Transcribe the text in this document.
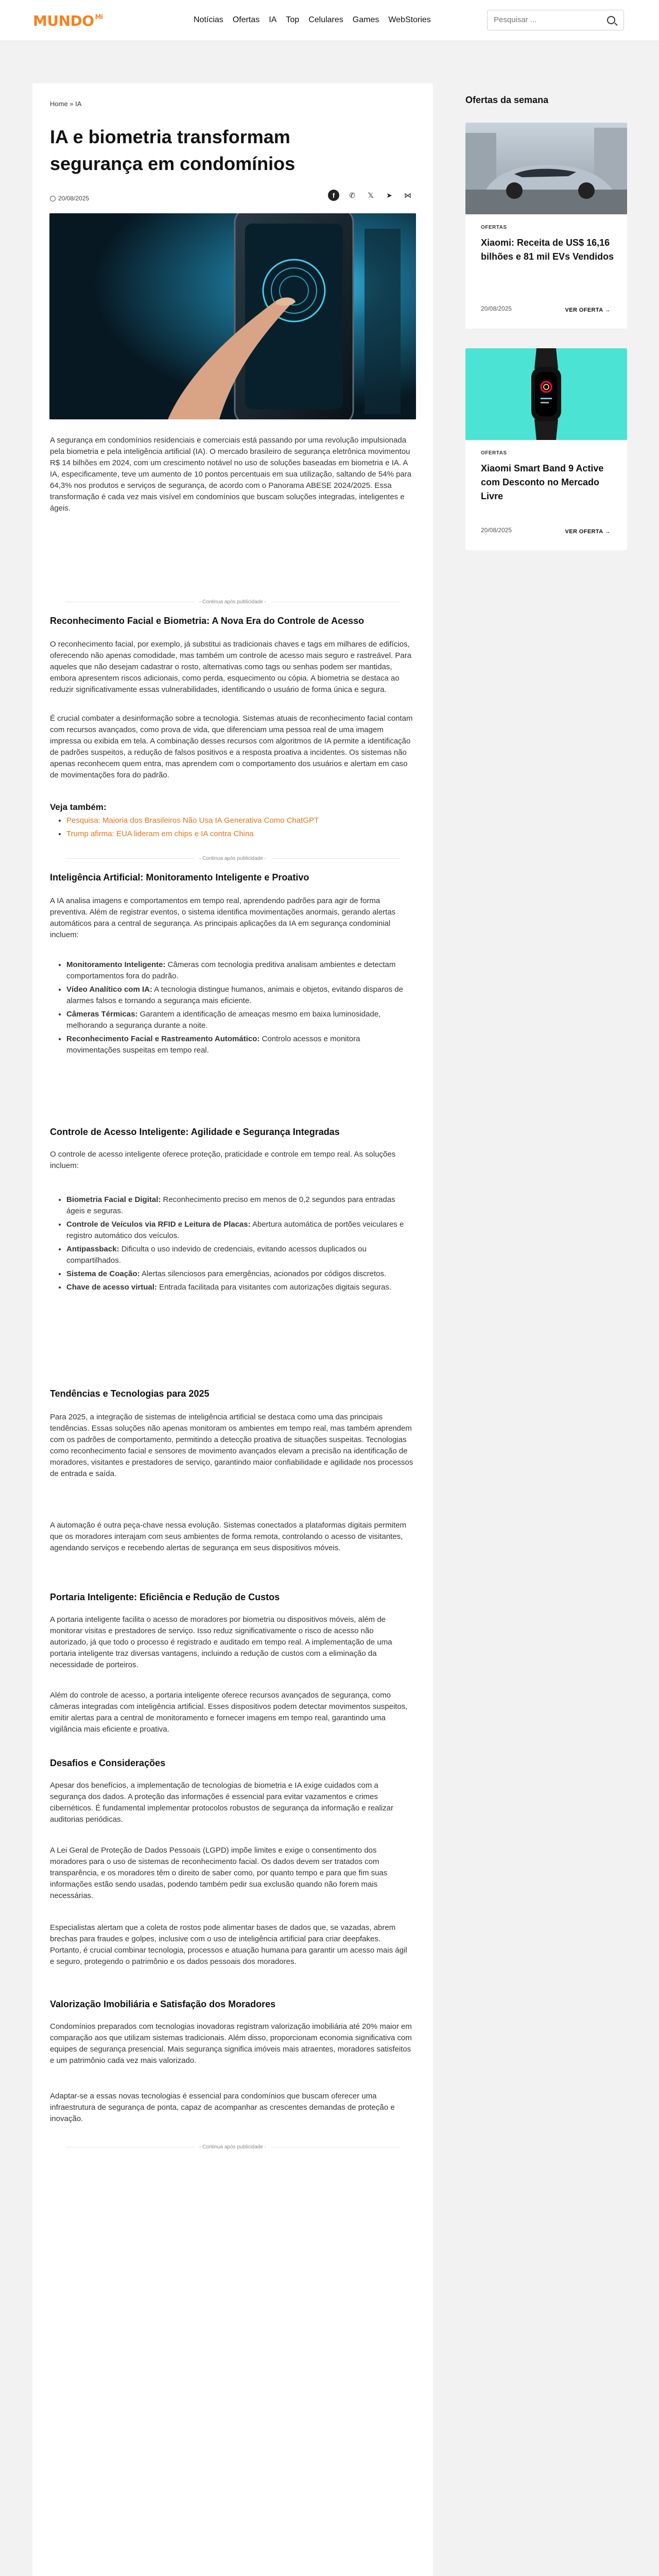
MUNDO $^{Mi}$	Notícias Ofertas IA Top Celulares Games WebStories
Pesquisar ...
Home » IA
IA e biometria transformam segurança em condomínios
20/08/2025	f	✆	𝕏	➤	⋈

A segurança em condomínios residenciais e comerciais está passando por uma revolução impulsionada pela biometria e pela inteligência artificial (IA). O mercado brasileiro de segurança eletrônica movimentou R$ 14 bilhões em 2024, com um crescimento notável no uso de soluções baseadas em biometria e IA. A IA, especificamente, teve um aumento de 10 pontos percentuais em sua utilização, saltando de 54% para 64,3% nos produtos e serviços de segurança, de acordo com o Panorama ABESE 2024/2025. Essa transformação é cada vez mais visível em condomínios que buscam soluções integradas, inteligentes e ágeis.

- Continua após publicidade -
Reconhecimento Facial e Biometria: A Nova Era do Controle de Acesso

O reconhecimento facial, por exemplo, já substitui as tradicionais chaves e tags em milhares de edifícios, oferecendo não apenas comodidade, mas também um controle de acesso mais seguro e rastreável. Para aqueles que não desejam cadastrar o rosto, alternativas como tags ou senhas podem ser mantidas, embora apresentem riscos adicionais, como perda, esquecimento ou cópia. A biometria se destaca ao reduzir significativamente essas vulnerabilidades, identificando o usuário de forma única e segura.

É crucial combater a desinformação sobre a tecnologia. Sistemas atuais de reconhecimento facial contam com recursos avançados, como prova de vida, que diferenciam uma pessoa real de uma imagem impressa ou exibida em tela. A combinação desses recursos com algoritmos de IA permite a identificação de padrões suspeitos, a redução de falsos positivos e a resposta proativa a incidentes. Os sistemas não apenas reconhecem quem entra, mas aprendem com o comportamento dos usuários e alertam em caso de movimentações fora do padrão.

Veja também:
• Pesquisa: Maioria dos Brasileiros Não Usa IA Generativa Como ChatGPT
• Trump afirma: EUA lideram em chips e IA contra China
- Continua após publicidade -
Inteligência Artificial: Monitoramento Inteligente e Proativo

A IA analisa imagens e comportamentos em tempo real, aprendendo padrões para agir de forma preventiva. Além de registrar eventos, o sistema identifica movimentações anormais, gerando alertas automáticos para a central de segurança. As principais aplicações da IA em segurança condominial incluem:

• Monitoramento Inteligente: Câmeras com tecnologia preditiva analisam ambientes e detectam comportamentos fora do padrão.
• Vídeo Analítico com IA: A tecnologia distingue humanos, animais e objetos, evitando disparos de alarmes falsos e tornando a segurança mais eficiente.
• Câmeras Térmicas: Garantem a identificação de ameaças mesmo em baixa luminosidade, melhorando a segurança durante a noite.
• Reconhecimento Facial e Rastreamento Automático: Controlo acessos e monitora movimentações suspeitas em tempo real.
Controle de Acesso Inteligente: Agilidade e Segurança Integradas

O controle de acesso inteligente oferece proteção, praticidade e controle em tempo real. As soluções incluem:

• Biometria Facial e Digital: Reconhecimento preciso em menos de 0,2 segundos para entradas ágeis e seguras.
• Controle de Veículos via RFID e Leitura de Placas: Abertura automática de portões veiculares e registro automático dos veículos.
• Antipassback: Dificulta o uso indevido de credenciais, evitando acessos duplicados ou compartilhados.
• Sistema de Coação: Alertas silenciosos para emergências, acionados por códigos discretos.
• Chave de acesso virtual: Entrada facilitada para visitantes com autorizações digitais seguras.
Tendências e Tecnologias para 2025

Para 2025, a integração de sistemas de inteligência artificial se destaca como uma das principais tendências. Essas soluções não apenas monitoram os ambientes em tempo real, mas também aprendem com os padrões de comportamento, permitindo a detecção proativa de situações suspeitas. Tecnologias como reconhecimento facial e sensores de movimento avançados elevam a precisão na identificação de moradores, visitantes e prestadores de serviço, garantindo maior confiabilidade e agilidade nos processos de entrada e saída.

A automação é outra peça-chave nessa evolução. Sistemas conectados a plataformas digitais permitem que os moradores interajam com seus ambientes de forma remota, controlando o acesso de visitantes, agendando serviços e recebendo alertas de segurança em seus dispositivos móveis.

Portaria Inteligente: Eficiência e Redução de Custos

A portaria inteligente facilita o acesso de moradores por biometria ou dispositivos móveis, além de monitorar visitas e prestadores de serviço. Isso reduz significativamente o risco de acesso não autorizado, já que todo o processo é registrado e auditado em tempo real. A implementação de uma portaria inteligente traz diversas vantagens, incluindo a redução de custos com a eliminação da necessidade de porteiros.

Além do controle de acesso, a portaria inteligente oferece recursos avançados de segurança, como câmeras integradas com inteligência artificial. Esses dispositivos podem detectar movimentos suspeitos, emitir alertas para a central de monitoramento e fornecer imagens em tempo real, garantindo uma vigilância mais eficiente e proativa.

Desafios e Considerações

Apesar dos benefícios, a implementação de tecnologias de biometria e IA exige cuidados com a segurança dos dados. A proteção das informações é essencial para evitar vazamentos e crimes cibernéticos. É fundamental implementar protocolos robustos de segurança da informação e realizar auditorias periódicas.

A Lei Geral de Proteção de Dados Pessoais (LGPD) impõe limites e exige o consentimento dos moradores para o uso de sistemas de reconhecimento facial. Os dados devem ser tratados com transparência, e os moradores têm o direito de saber como, por quanto tempo e para que fim suas informações estão sendo usadas, podendo também pedir sua exclusão quando não forem mais necessárias.

Especialistas alertam que a coleta de rostos pode alimentar bases de dados que, se vazadas, abrem brechas para fraudes e golpes, inclusive com o uso de inteligência artificial para criar deepfakes. Portanto, é crucial combinar tecnologia, processos e atuação humana para garantir um acesso mais ágil e seguro, protegendo o patrimônio e os dados pessoais dos moradores.

Valorização Imobiliária e Satisfação dos Moradores

Condomínios preparados com tecnologias inovadoras registram valorização imobiliária até 20% maior em comparação aos que utilizam sistemas tradicionais. Além disso, proporcionam economia significativa com equipes de segurança presencial. Mais segurança significa imóveis mais atraentes, moradores satisfeitos e um patrimônio cada vez mais valorizado.

Adaptar-se a essas novas tecnologias é essencial para condomínios que buscam oferecer uma infraestrutura de segurança de ponta, capaz de acompanhar as crescentes demandas de proteção e inovação.

- Continua após publicidade -
Ofertas da semana
OFERTAS
Xiaomi: Receita de US$ 16,16 bilhões e 81 mil EVs Vendidos
20/08/2025	VER OFERTA →
OFERTAS
Xiaomi Smart Band 9 Active com Desconto no Mercado Livre
20/08/2025	VER OFERTA →
